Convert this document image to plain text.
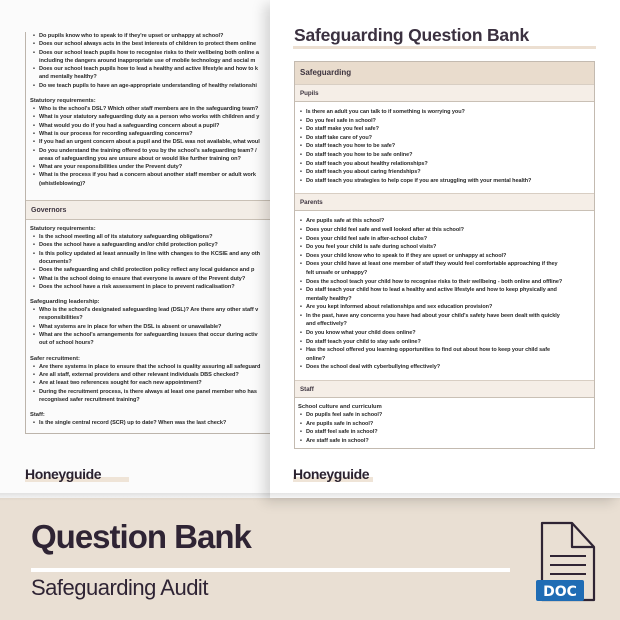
• Do pupils know who to speak to if they're upset or unhappy at school?
• Does our school always acts in the best interests of children to protect them online
• Does our school teach pupils how to recognise risks to their wellbeing both online a
including the dangers around inappropriate use of mobile technology and social m
• Does our school teach pupils how to lead a healthy and active lifestyle and how to k
and mentally healthy?
• Do we teach pupils to have an age-appropriate understanding of healthy relationshi
Statutory requirements:
• Who is the school's DSL? Which other staff members are in the safeguarding team?
• What is your statutory safeguarding duty as a person who works with children and y
• What would you do if you had a safeguarding concern about a pupil?
• What is our process for recording safeguarding concerns?
• If you had an urgent concern about a pupil and the DSL was not available, what woul
• Do you understand the training offered to you by the school's safeguarding team? /
areas of safeguarding you are unsure about or would like further training on?
• What are your responsibilities under the Prevent duty?
• What is the process if you had a concern about another staff member or adult work
(whistleblowing)?
Governors
Statutory requirements:
• Is the school meeting all of its statutory safeguarding obligations?
• Does the school have a safeguarding and/or child protection policy?
• Is this policy updated at least annually in line with changes to the KCSIE and any oth
documents?
• Does the safeguarding and child protection policy reflect any local guidance and p
• What is the school doing to ensure that everyone is aware of the Prevent duty?
• Does the school have a risk assessment in place to prevent radicalisation?
Safeguarding leadership:
• Who is the school's designated safeguarding lead (DSL)? Are there any other staff v
responsibilities?
• What systems are in place for when the DSL is absent or unavailable?
• What are the school's arrangements for safeguarding issues that occur during activ
out of school hours?
Safer recruitment:
• Are there systems in place to ensure that the school is quality assuring all safeguard
• Are all staff, external providers and other relevant individuals DBS checked?
• Are at least two references sought for each new appointment?
• During the recruitment process, is there always at least one panel member who has
recognised safer recruitment training?
Staff:
• Is the single central record (SCR) up to date? When was the last check?
Honeyguide
Safeguarding Question Bank
Safeguarding
Pupils
• Is there an adult you can talk to if something is worrying you?
• Do you feel safe in school?
• Do staff make you feel safe?
• Do staff take care of you?
• Do staff teach you how to be safe?
• Do staff teach you how to be safe online?
• Do staff teach you about healthy relationships?
• Do staff teach you about caring friendships?
• Do staff teach you strategies to help cope if you are struggling with your mental health?
Parents
• Are pupils safe at this school?
• Does your child feel safe and well looked after at this school?
• Does your child feel safe in after-school clubs?
• Do you feel your child is safe during school visits?
• Does your child know who to speak to if they are upset or unhappy at school?
• Does your child have at least one member of staff they would feel comfortable approaching if they
felt unsafe or unhappy?
• Does the school teach your child how to recognise risks to their wellbeing - both online and offline?
• Do staff teach your child how to lead a healthy and active lifestyle and how to keep physically and
mentally healthy?
• Are you kept informed about relationships and sex education provision?
• In the past, have any concerns you have had about your child's safety have been dealt with quickly
and effectively?
• Do you know what your child does online?
• Do staff teach your child to stay safe online?
• Has the school offered you learning opportunities to find out about how to keep your child safe
online?
• Does the school deal with cyberbullying effectively?
Staff
School culture and curriculum
• Do pupils feel safe in school?
• Are pupils safe in school?
• Do staff feel safe in school?
• Are staff safe in school?
Honeyguide
Question Bank
Safeguarding Audit	DOC
